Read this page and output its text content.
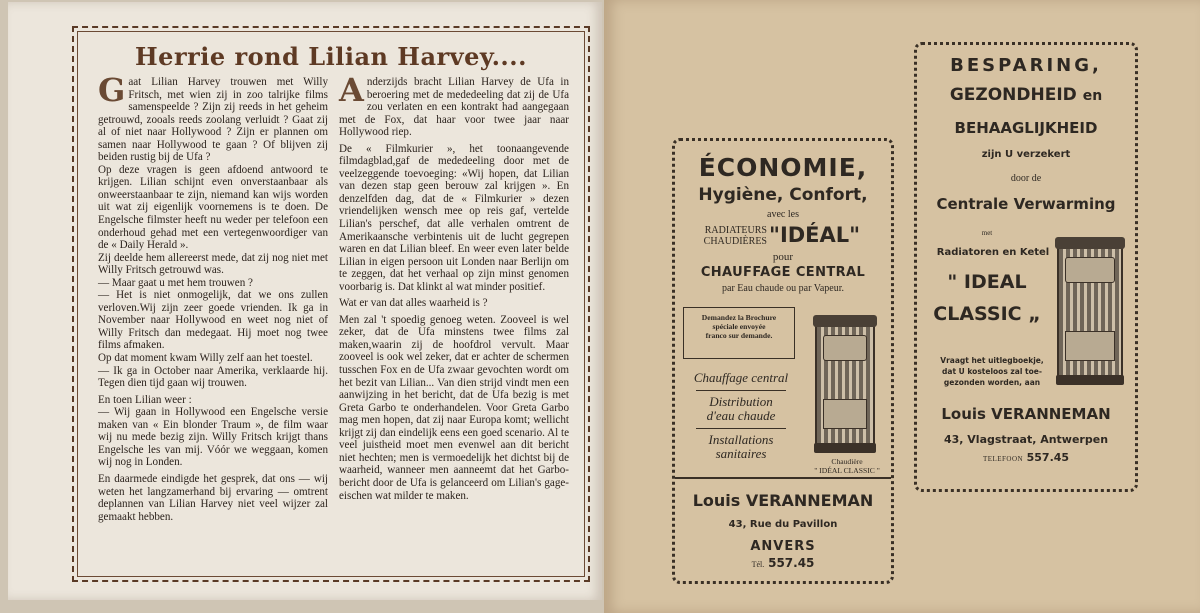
Herrie rond Lilian Harvey....

Gaat Lilian Harvey trouwen met Willy Fritsch, met wien zij in zoo talrijke films samenspeelde ? Zijn zij reeds in het geheim getrouwd, zooals reeds zoolang verluidt ? Gaat zij al of niet naar Hollywood ? Zijn er plannen om samen naar Hollywood te gaan ? Of blijven zij beiden rustig bij de Ufa ?

Op deze vragen is geen afdoend antwoord te krijgen. Lilian schijnt even onverstaanbaar als onweerstaanbaar te zijn, niemand kan wijs worden uit wat zij eigenlijk voornemens is te doen. De Engelsche filmster heeft nu weder per telefoon een onderhoud gehad met een vertegenwoordiger van de « Daily Herald ».

Zij deelde hem allereerst mede, dat zij nog niet met Willy Fritsch getrouwd was.

— Maar gaat u met hem trouwen ?

— Het is niet onmogelijk, dat we ons zullen verloven.Wij zijn zeer goede vrienden. Ik ga in November naar Hollywood en weet nog niet of Willy Fritsch dan medegaat. Hij moet nog twee films afmaken.

Op dat moment kwam Willy zelf aan het toestel.

— Ik ga in October naar Amerika, verklaarde hij. Tegen dien tijd gaan wij trouwen.

En toen Lilian weer :

— Wij gaan in Hollywood een Engelsche versie maken van « Ein blonder Traum », de film waar wij nu mede bezig zijn. Willy Fritsch krijgt thans Engelsche les van mij. Vóór we weggaan, komen wij nog in Londen.

En daarmede eindigde het gesprek, dat ons — wij weten het langzamerhand bij ervaring — omtrent deplannen van Lilian Harvey niet veel wijzer zal gemaakt hebben.

Anderzijds bracht Lilian Harvey de Ufa in beroering met de mededeeling dat zij de Ufa zou verlaten en een kontrakt had aangegaan met de Fox, dat haar voor twee jaar naar Hollywood riep.

De « Filmkurier », het toonaangevende filmdagblad,gaf de mededeeling door met de veelzeggende toevoeging: «Wij hopen, dat Lilian van dezen stap geen berouw zal krijgen ». En denzelfden dag, dat de « Filmkurier » dezen vriendelijken wensch mee op reis gaf, vertelde Lilian's perschef, dat alle verhalen omtrent de Amerikaansche verbintenis uit de lucht gegrepen waren en dat Lilian bleef. En weer even later belde Lilian in eigen persoon uit Londen naar Berlijn om te zeggen, dat het verhaal op zijn minst genomen voorbarig is. Dat klinkt al wat minder positief.

Wat er van dat alles waarheid is ?

Men zal 't spoedig genoeg weten. Zooveel is wel zeker, dat de Ufa minstens twee films zal maken,waarin zij de hoofdrol vervult. Maar zooveel is ook wel zeker, dat er achter de schermen tusschen Fox en de Ufa zwaar gevochten wordt om het bezit van Lilian... Van dien strijd vindt men een aanwijzing in het bericht, dat de Ufa bezig is met Greta Garbo te onderhandelen. Voor Greta Garbo mag men hopen, dat zij naar Europa komt; wellicht krijgt zij dan eindelijk eens een goed scenario. Al te veel juistheid moet men evenwel aan dit bericht niet hechten; men is vermoedelijk het dichtst bij de waarheid, wanneer men aanneemt dat het Garbo-bericht door de Ufa is gelanceerd om Lilian's gage-eischen wat milder te maken.

ÉCONOMIE,
Hygiène, Confort,
avec les
RADIATEURS
CHAUDIÈRES "IDÉAL"
pour
CHAUFFAGE CENTRAL
par Eau chaude ou par Vapeur.
Demandez la Brochure
spéciale envoyée
franco sur demande.
Chauffage central
Distribution
d'eau chaude
Installations
sanitaires
Chaudière
" IDÉAL CLASSIC "
Louis VERANNEMAN
43, Rue du Pavillon
ANVERS
Tél. 557.45
BESPARING,
GEZONDHEID en
BEHAAGLIJKHEID
zijn U verzekert
door de
Centrale Verwarming
met
Radiatoren en Ketel
" IDEAL
CLASSIC „
Vraagt het uitlegboekje,
dat U kosteloos zal toe-
gezonden worden, aan
Louis VERANNEMAN
43, Vlagstraat, Antwerpen
TELEFOON 557.45
